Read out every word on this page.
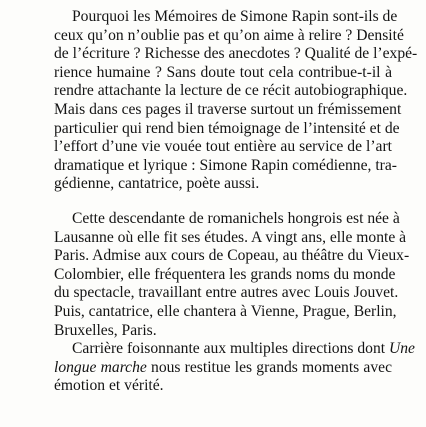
Pourquoi les Mémoires de Simone Rapin sont-ils de
ceux qu’on n’oublie pas et qu’on aime à relire ? Densité
de l’écriture ? Richesse des anecdotes ? Qualité de l’expé-
rience humaine ? Sans doute tout cela contribue-t-il à
rendre attachante la lecture de ce récit autobiographique.
Mais dans ces pages il traverse surtout un frémissement
particulier qui rend bien témoignage de l’intensité et de
l’effort d’une vie vouée tout entière au service de l’art
dramatique et lyrique : Simone Rapin comédienne, tra-
gédienne, cantatrice, poète aussi.
Cette descendante de romanichels hongrois est née à
Lausanne où elle fit ses études. A vingt ans, elle monte à
Paris. Admise aux cours de Copeau, au théâtre du Vieux-
Colombier, elle fréquentera les grands noms du monde
du spectacle, travaillant entre autres avec Louis Jouvet.
Puis, cantatrice, elle chantera à Vienne, Prague, Berlin,
Bruxelles, Paris.
Carrière foisonnante aux multiples directions dont Une
longue marche nous restitue les grands moments avec
émotion et vérité.
